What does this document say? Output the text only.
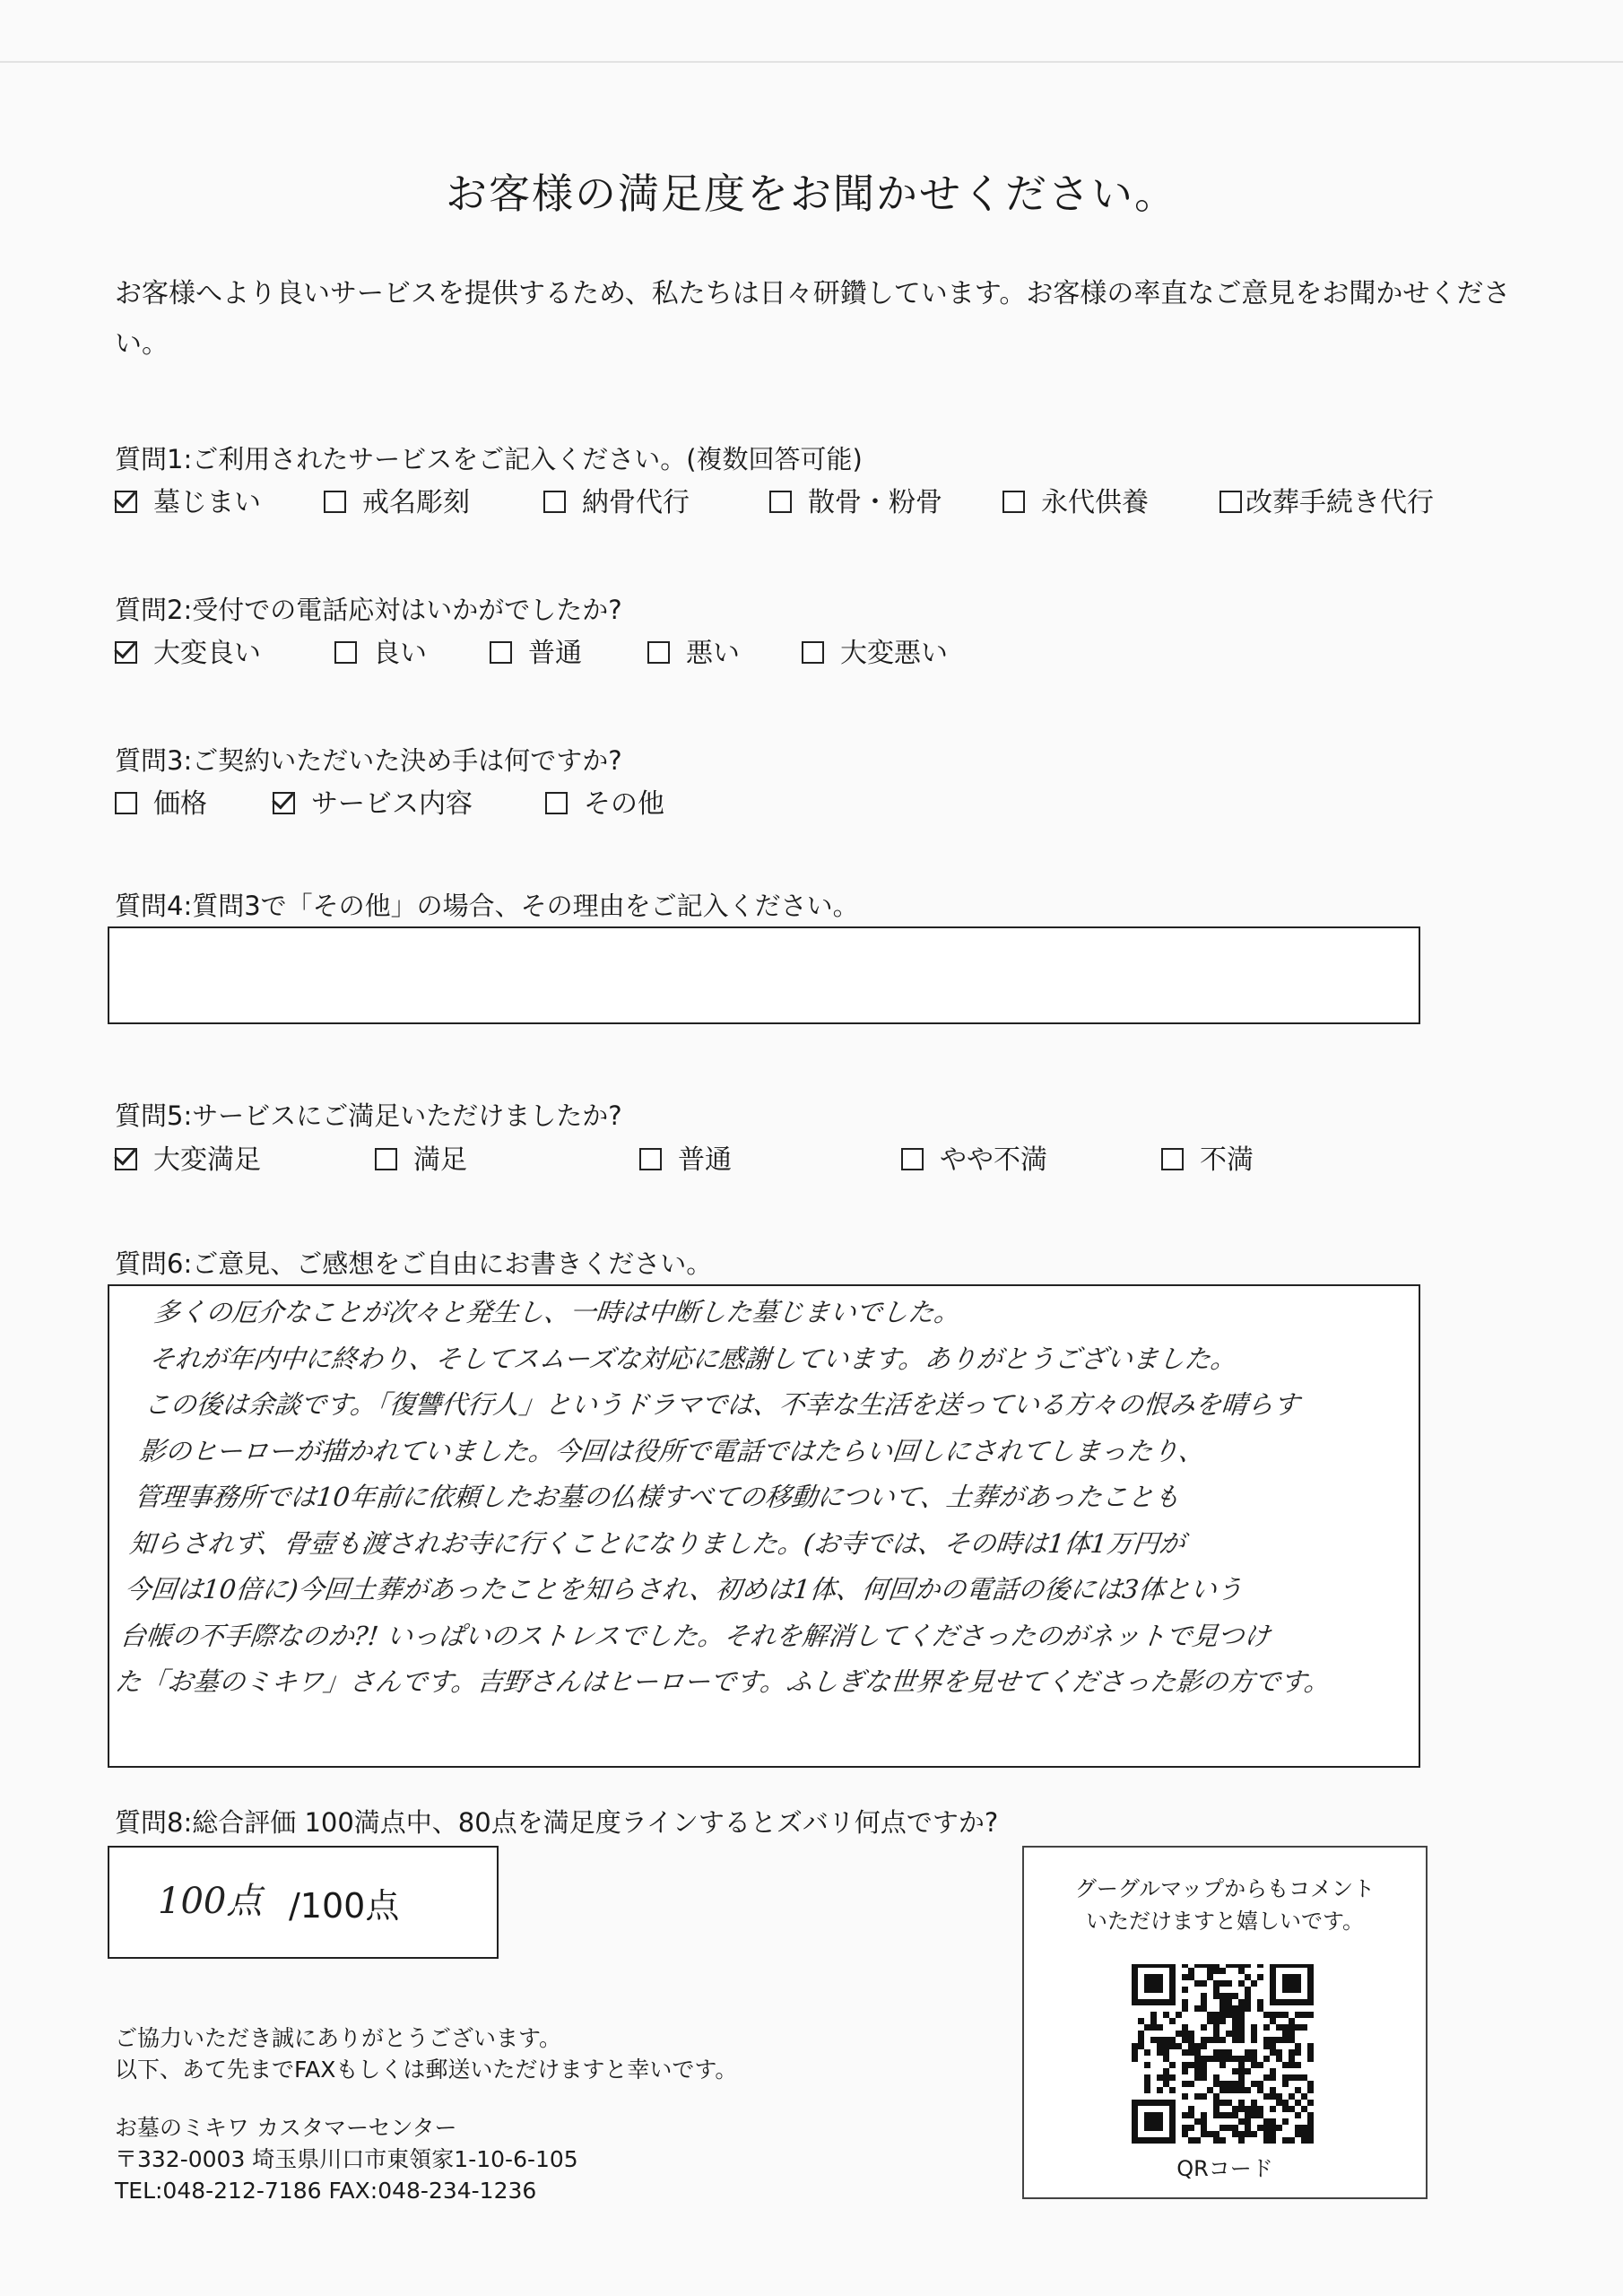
お客様の満足度をお聞かせください。
お客様へより良いサービスを提供するため、私たちは日々研鑽しています。お客様の率直なご意見をお聞かせください。
質問1:ご利用されたサービスをご記入ください。(複数回答可能)
墓じまい	戒名彫刻	納骨代行	散骨・粉骨	永代供養	改葬手続き代行
質問2:受付での電話応対はいかがでしたか?
大変良い	良い	普通	悪い	大変悪い
質問3:ご契約いただいた決め手は何ですか?
価格	サービス内容	その他
質問4:質問3で「その他」の場合、その理由をご記入ください。
質問5:サービスにご満足いただけましたか?
大変満足	満足	普通	やや不満	不満
質問6:ご意見、ご感想をご自由にお書きください。
多くの厄介なことが次々と発生し、一時は中断した墓じまいでした。
それが年内中に終わり、そしてスムーズな対応に感謝しています。ありがとうございました。
この後は余談です。「復讐代行人」というドラマでは、不幸な生活を送っている方々の恨みを晴らす
影のヒーローが描かれていました。今回は役所で電話ではたらい回しにされてしまったり、
管理事務所では10年前に依頼したお墓の仏様すべての移動について、土葬があったことも
知らされず、骨壺も渡されお寺に行くことになりました。(お寺では、その時は1体1万円が
今回は10倍に)今回土葬があったことを知らされ、初めは1体、何回かの電話の後には3体という
台帳の不手際なのか?! いっぱいのストレスでした。それを解消してくださったのがネットで見つけ
た「お墓のミキワ」さんです。吉野さんはヒーローです。ふしぎな世界を見せてくださった影の方です。
質問8:総合評価 100満点中、80点を満足度ラインするとズバリ何点ですか?
100点 /100点	グーグルマップからもコメント
いただけますと嬉しいです。
QRコード
ご協力いただき誠にありがとうございます。
以下、あて先までFAXもしくは郵送いただけますと幸いです。
お墓のミキワ カスタマーセンター
〒332-0003 埼玉県川口市東領家1-10-6-105
TEL:048-212-7186 FAX:048-234-1236
